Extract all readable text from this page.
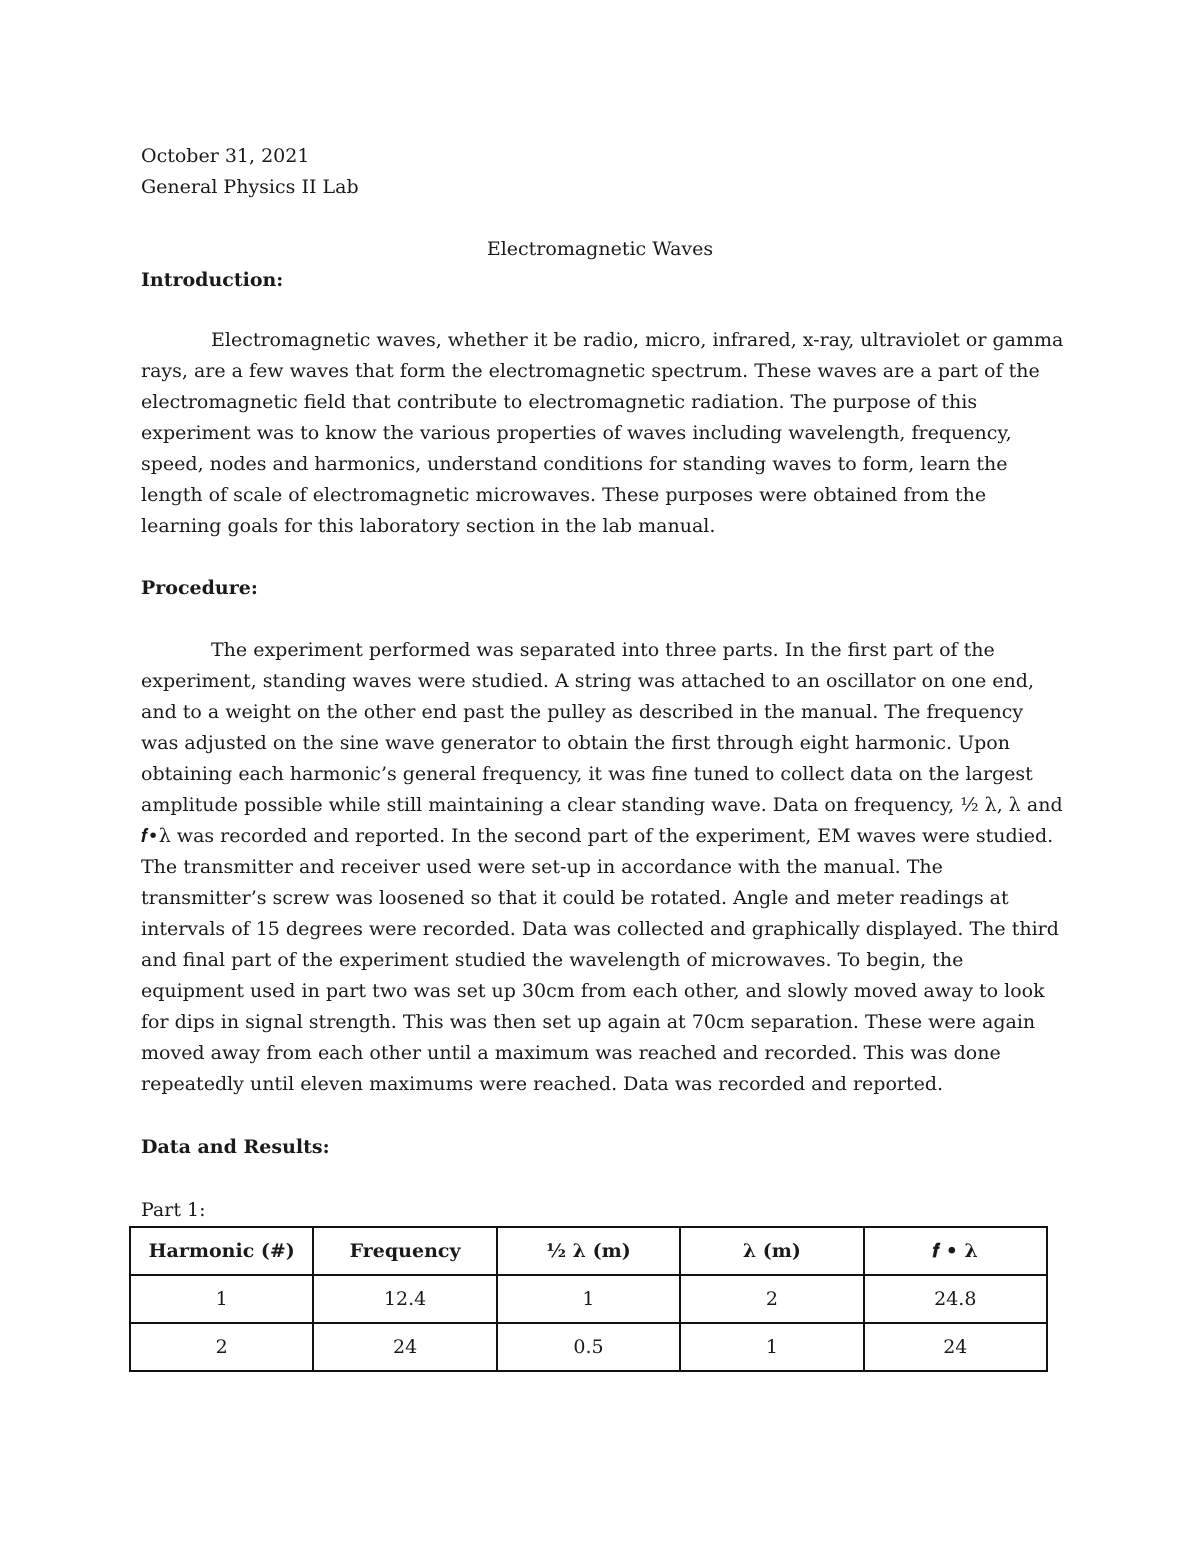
October 31, 2021
General Physics II Lab
Electromagnetic Waves
Introduction:
Electromagnetic waves, whether it be radio, micro, infrared, x-ray, ultraviolet or gamma rays, are a few waves that form the electromagnetic spectrum. These waves are a part of the electromagnetic field that contribute to electromagnetic radiation. The purpose of this experiment was to know the various properties of waves including wavelength, frequency, speed, nodes and harmonics, understand conditions for standing waves to form, learn the length of scale of electromagnetic microwaves. These purposes were obtained from the learning goals for this laboratory section in the lab manual.
Procedure:
The experiment performed was separated into three parts. In the first part of the experiment, standing waves were studied. A string was attached to an oscillator on one end, and to a weight on the other end past the pulley as described in the manual. The frequency was adjusted on the sine wave generator to obtain the first through eight harmonic. Upon obtaining each harmonic’s general frequency, it was fine tuned to collect data on the largest amplitude possible while still maintaining a clear standing wave. Data on frequency, ½ λ, λ and 𝒇•λ was recorded and reported. In the second part of the experiment, EM waves were studied. The transmitter and receiver used were set-up in accordance with the manual. The transmitter’s screw was loosened so that it could be rotated. Angle and meter readings at intervals of 15 degrees were recorded. Data was collected and graphically displayed. The third and final part of the experiment studied the wavelength of microwaves. To begin, the equipment used in part two was set up 30cm from each other, and slowly moved away to look for dips in signal strength. This was then set up again at 70cm separation. These were again moved away from each other until a maximum was reached and recorded. This was done repeatedly until eleven maximums were reached. Data was recorded and reported.
Data and Results:
Part 1:
Harmonic (#)	Frequency	½ λ (m)	λ (m)	𝒇 • λ
1	12.4	1	2	24.8
2	24	0.5	1	24
